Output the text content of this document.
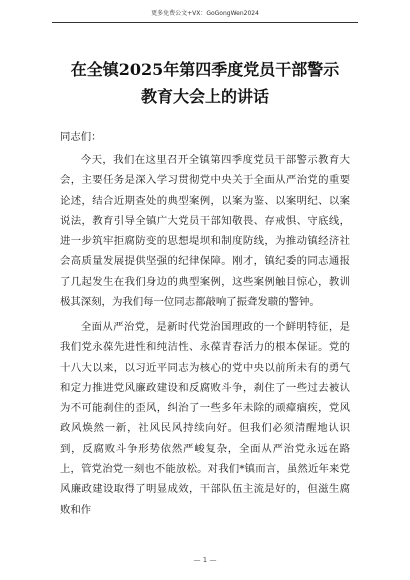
更多免费公文+VX：GoGongWen2024
在全镇2025年第四季度党员干部警示教育大会上的讲话
同志们：
今天，我们在这里召开全镇第四季度党员干部警示教育大会，主要任务是深入学习贯彻党中央关于全面从严治党的重要论述，结合近期查处的典型案例，以案为鉴、以案明纪、以案说法，教育引导全镇广大党员干部知敬畏、存戒惧、守底线，进一步筑牢拒腐防变的思想堤坝和制度防线，为推动镇经济社会高质量发展提供坚强的纪律保障。刚才，镇纪委的同志通报了几起发生在我们身边的典型案例，这些案例触目惊心，教训极其深刻，为我们每一位同志都敲响了振聋发聩的警钟。
全面从严治党，是新时代党治国理政的一个鲜明特征，是我们党永葆先进性和纯洁性、永葆青春活力的根本保证。党的十八大以来，以习近平同志为核心的党中央以前所未有的勇气和定力推进党风廉政建设和反腐败斗争，刹住了一些过去被认为不可能刹住的歪风，纠治了一些多年未除的顽瘴痼疾，党风政风焕然一新，社风民风持续向好。但我们必须清醒地认识到，反腐败斗争形势依然严峻复杂，全面从严治党永远在路上，管党治党一刻也不能放松。对我们*镇而言，虽然近年来党风廉政建设取得了明显成效，干部队伍主流是好的，但滋生腐败和作
— 1 —
